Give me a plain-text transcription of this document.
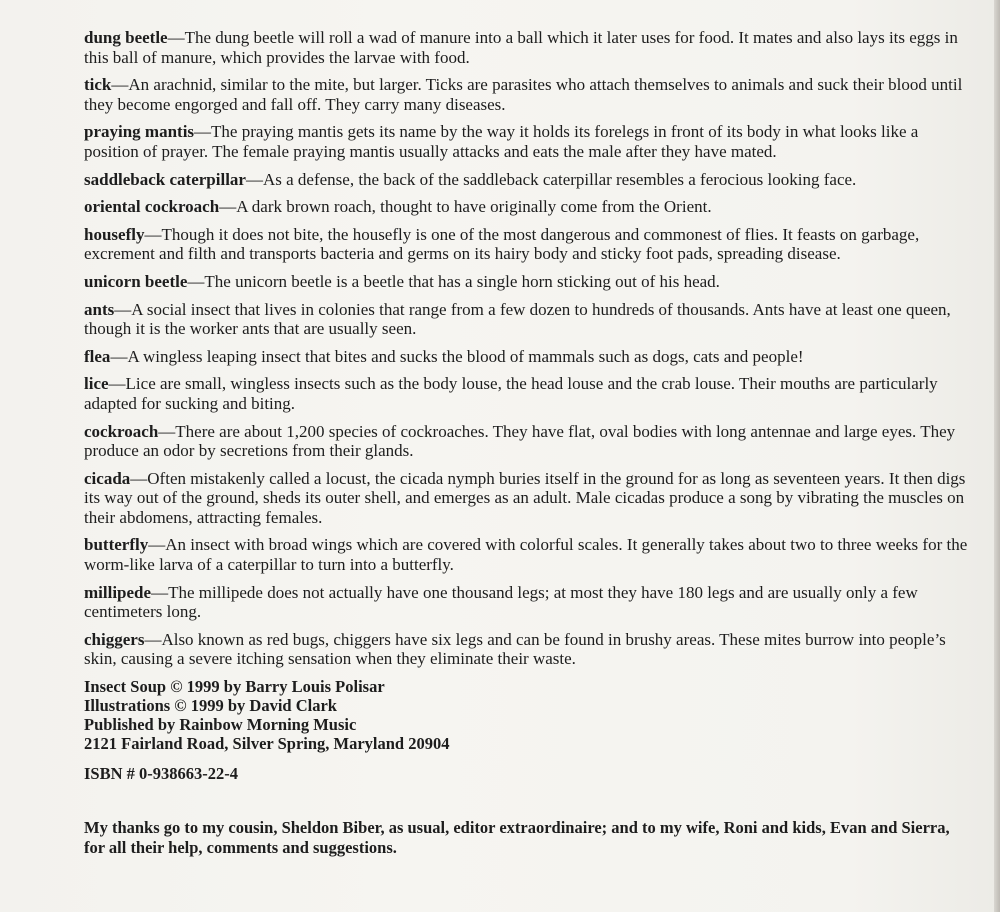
dung beetle—The dung beetle will roll a wad of manure into a ball which it later uses for food. It mates and also lays its eggs in this ball of manure, which provides the larvae with food.

tick—An arachnid, similar to the mite, but larger. Ticks are parasites who attach themselves to animals and suck their blood until they become engorged and fall off. They carry many diseases.

praying mantis—The praying mantis gets its name by the way it holds its forelegs in front of its body in what looks like a position of prayer. The female praying mantis usually attacks and eats the male after they have mated.

saddleback caterpillar—As a defense, the back of the saddleback caterpillar resembles a ferocious looking face.

oriental cockroach—A dark brown roach, thought to have originally come from the Orient.

housefly—Though it does not bite, the housefly is one of the most dangerous and commonest of flies. It feasts on garbage, excrement and filth and transports bacteria and germs on its hairy body and sticky foot pads, spreading disease.

unicorn beetle—The unicorn beetle is a beetle that has a single horn sticking out of his head.

ants—A social insect that lives in colonies that range from a few dozen to hundreds of thousands. Ants have at least one queen, though it is the worker ants that are usually seen.

flea—A wingless leaping insect that bites and sucks the blood of mammals such as dogs, cats and people!

lice—Lice are small, wingless insects such as the body louse, the head louse and the crab louse. Their mouths are particularly adapted for sucking and biting.

cockroach—There are about 1,200 species of cockroaches. They have flat, oval bodies with long antennae and large eyes. They produce an odor by secretions from their glands.

cicada—Often mistakenly called a locust, the cicada nymph buries itself in the ground for as long as seventeen years. It then digs its way out of the ground, sheds its outer shell, and emerges as an adult. Male cicadas produce a song by vibrating the muscles on their abdomens, attracting females.

butterfly—An insect with broad wings which are covered with colorful scales. It generally takes about two to three weeks for the worm-like larva of a caterpillar to turn into a butterfly.

millipede—The millipede does not actually have one thousand legs; at most they have 180 legs and are usually only a few centimeters long.

chiggers—Also known as red bugs, chiggers have six legs and can be found in brushy areas. These mites burrow into people’s skin, causing a severe itching sensation when they eliminate their waste.

Insect Soup © 1999 by Barry Louis Polisar
Illustrations © 1999 by David Clark
Published by Rainbow Morning Music
2121 Fairland Road, Silver Spring, Maryland 20904
ISBN # 0-938663-22-4
My thanks go to my cousin, Sheldon Biber, as usual, editor extraordinaire; and to my wife, Roni and kids, Evan and Sierra, for all their help, comments and suggestions.
